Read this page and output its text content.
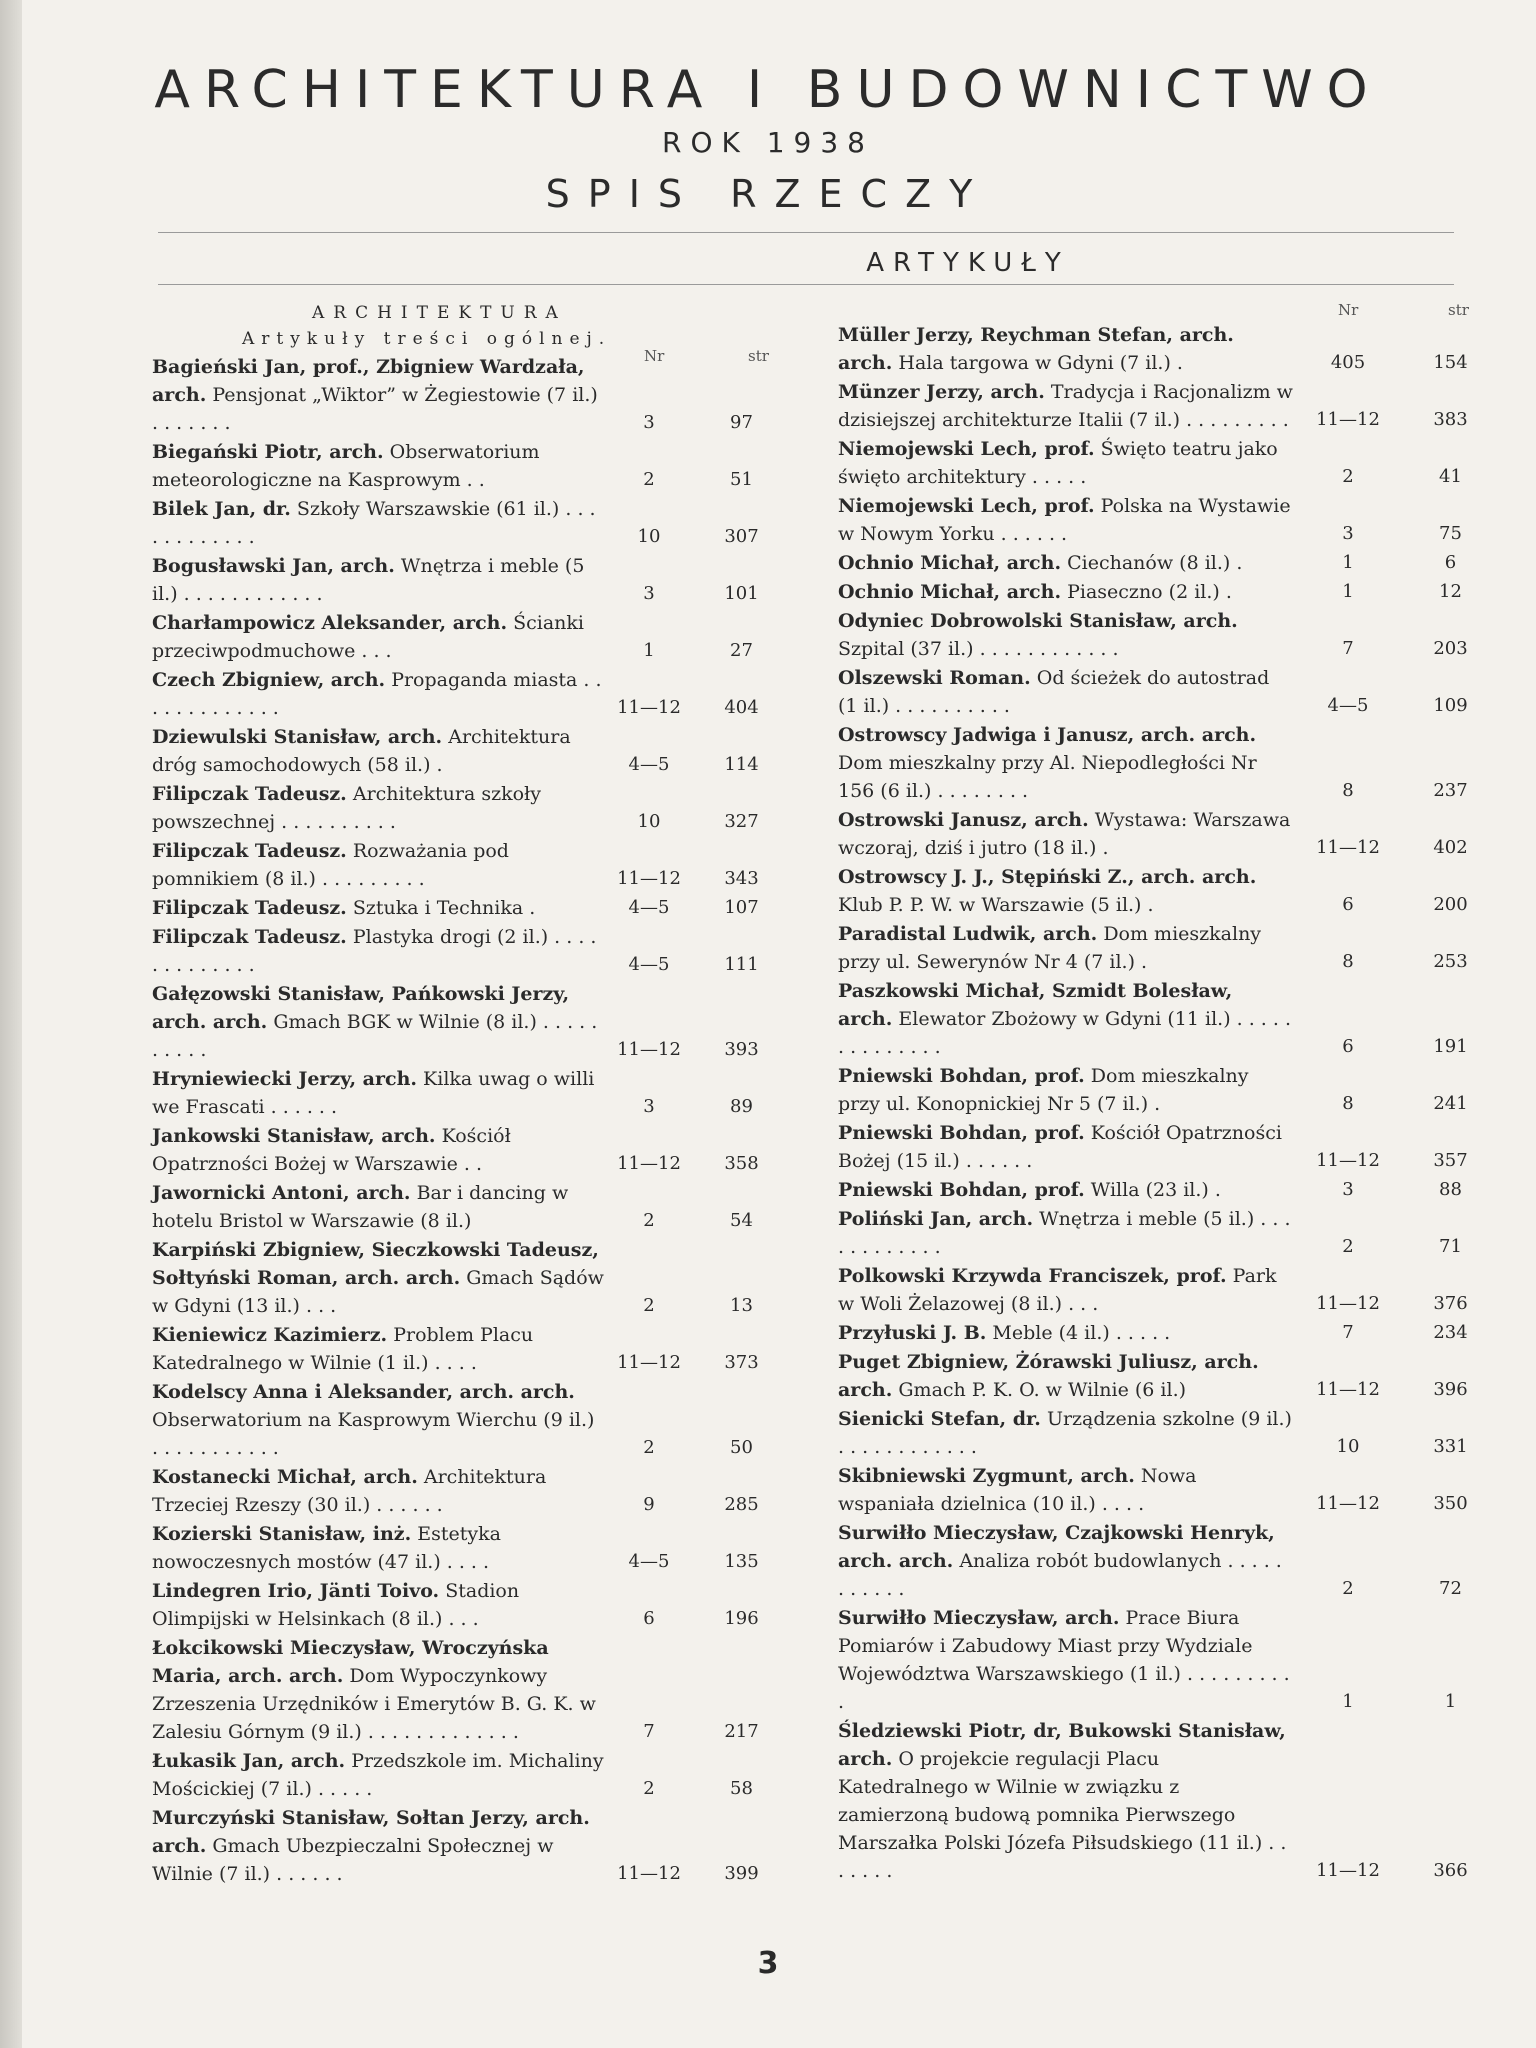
ARCHITEKTURA I BUDOWNICTWO
ROK 1938
SPIS RZECZY
ARTYKUŁY
ARCHITEKTURA
Artykuły treści ogólnej.
Nr	str
Bagieński Jan, prof., Zbigniew Wardzała, arch. Pensjonat „Wiktor” w Żegiestowie (7 il.) . . . . . . .	3	97
Biegański Piotr, arch. Obserwatorium meteorologiczne na Kasprowym . .	2	51
Bilek Jan, dr. Szkoły Warszawskie (61 il.) . . . . . . . . . . . .	10	307
Bogusławski Jan, arch. Wnętrza i meble (5 il.) . . . . . . . . . . . .	3	101
Charłampowicz Aleksander, arch. Ścianki przeciwpodmuchowe . . .	1	27
Czech Zbigniew, arch. Propaganda miasta . . . . . . . . . . . . .	11—12	404
Dziewulski Stanisław, arch. Architektura dróg samochodowych (58 il.) .	4—5	114
Filipczak Tadeusz. Architektura szkoły powszechnej . . . . . . . . . .	10	327
Filipczak Tadeusz. Rozważania pod pomnikiem (8 il.) . . . . . . . . .	11—12	343
Filipczak Tadeusz. Sztuka i Technika .	4—5	107
Filipczak Tadeusz. Plastyka drogi (2 il.) . . . . . . . . . . . . .	4—5	111
Gałęzowski Stanisław, Pańkowski Jerzy, arch. arch. Gmach BGK w Wilnie (8 il.) . . . . . . . . . .	11—12	393
Hryniewiecki Jerzy, arch. Kilka uwag o willi we Frascati . . . . . .	3	89
Jankowski Stanisław, arch. Kościół Opatrzności Bożej w Warszawie . .	11—12	358
Jawornicki Antoni, arch. Bar i dancing w hotelu Bristol w Warszawie (8 il.)	2	54
Karpiński Zbigniew, Sieczkowski Tadeusz, Sołtyński Roman, arch. arch. Gmach Sądów w Gdyni (13 il.) . . .	2	13
Kieniewicz Kazimierz. Problem Placu Katedralnego w Wilnie (1 il.) . . . .	11—12	373
Kodelscy Anna i Aleksander, arch. arch. Obserwatorium na Kasprowym Wierchu (9 il.) . . . . . . . . . . .	2	50
Kostanecki Michał, arch. Architektura Trzeciej Rzeszy (30 il.) . . . . . .	9	285
Kozierski Stanisław, inż. Estetyka nowoczesnych mostów (47 il.) . . . .	4—5	135
Lindegren Irio, Jänti Toivo. Stadion Olimpijski w Helsinkach (8 il.) . . .	6	196
Łokcikowski Mieczysław, Wroczyńska Maria, arch. arch. Dom Wypoczynkowy Zrzeszenia Urzędników i Emerytów B. G. K. w Zalesiu Górnym (9 il.) . . . . . . . . . . . . .	7	217
Łukasik Jan, arch. Przedszkole im. Michaliny Mościckiej (7 il.) . . . . .	2	58
Murczyński Stanisław, Sołtan Jerzy, arch. arch. Gmach Ubezpieczalni Społecznej w Wilnie (7 il.) . . . . . .	11—12	399
Nr	str
Müller Jerzy, Reychman Stefan, arch. arch. Hala targowa w Gdyni (7 il.) .	405	154
Münzer Jerzy, arch. Tradycja i Racjonalizm w dzisiejszej architekturze Italii (7 il.) . . . . . . . . .	11—12	383
Niemojewski Lech, prof. Święto teatru jako święto architektury . . . . .	2	41
Niemojewski Lech, prof. Polska na Wystawie w Nowym Yorku . . . . . .	3	75
Ochnio Michał, arch. Ciechanów (8 il.) .	1	6
Ochnio Michał, arch. Piaseczno (2 il.) .	1	12
Odyniec Dobrowolski Stanisław, arch. Szpital (37 il.) . . . . . . . . . . . .	7	203
Olszewski Roman. Od ścieżek do autostrad (1 il.) . . . . . . . . . .	4—5	109
Ostrowscy Jadwiga i Janusz, arch. arch. Dom mieszkalny przy Al. Niepodległości Nr 156 (6 il.) . . . . . . . .	8	237
Ostrowski Janusz, arch. Wystawa: Warszawa wczoraj, dziś i jutro (18 il.) .	11—12	402
Ostrowscy J. J., Stępiński Z., arch. arch. Klub P. P. W. w Warszawie (5 il.) .	6	200
Paradistal Ludwik, arch. Dom mieszkalny przy ul. Sewerynów Nr 4 (7 il.) .	8	253
Paszkowski Michał, Szmidt Bolesław, arch. Elewator Zbożowy w Gdyni (11 il.) . . . . . . . . . . . . . .	6	191
Pniewski Bohdan, prof. Dom mieszkalny przy ul. Konopnickiej Nr 5 (7 il.) .	8	241
Pniewski Bohdan, prof. Kościół Opatrzności Bożej (15 il.) . . . . . .	11—12	357
Pniewski Bohdan, prof. Willa (23 il.) .	3	88
Poliński Jan, arch. Wnętrza i meble (5 il.) . . . . . . . . . . . .	2	71
Polkowski Krzywda Franciszek, prof. Park w Woli Żelazowej (8 il.) . . .	11—12	376
Przyłuski J. B. Meble (4 il.) . . . . .	7	234
Puget Zbigniew, Żórawski Juliusz, arch. arch. Gmach P. K. O. w Wilnie (6 il.)	11—12	396
Sienicki Stefan, dr. Urządzenia szkolne (9 il.) . . . . . . . . . . . .	10	331
Skibniewski Zygmunt, arch. Nowa wspaniała dzielnica (10 il.) . . . .	11—12	350
Surwiłło Mieczysław, Czajkowski Henryk, arch. arch. Analiza robót budowlanych . . . . . . . . . . .	2	72
Surwiłło Mieczysław, arch. Prace Biura Pomiarów i Zabudowy Miast przy Wydziale Województwa Warszawskiego (1 il.) . . . . . . . . . .	1	1
Śledziewski Piotr, dr, Bukowski Stanisław, arch. O projekcie regulacji Placu Katedralnego w Wilnie w związku z zamierzoną budową pomnika Pierwszego Marszałka Polski Józefa Piłsudskiego (11 il.) . . . . . . .	11—12	366
3
